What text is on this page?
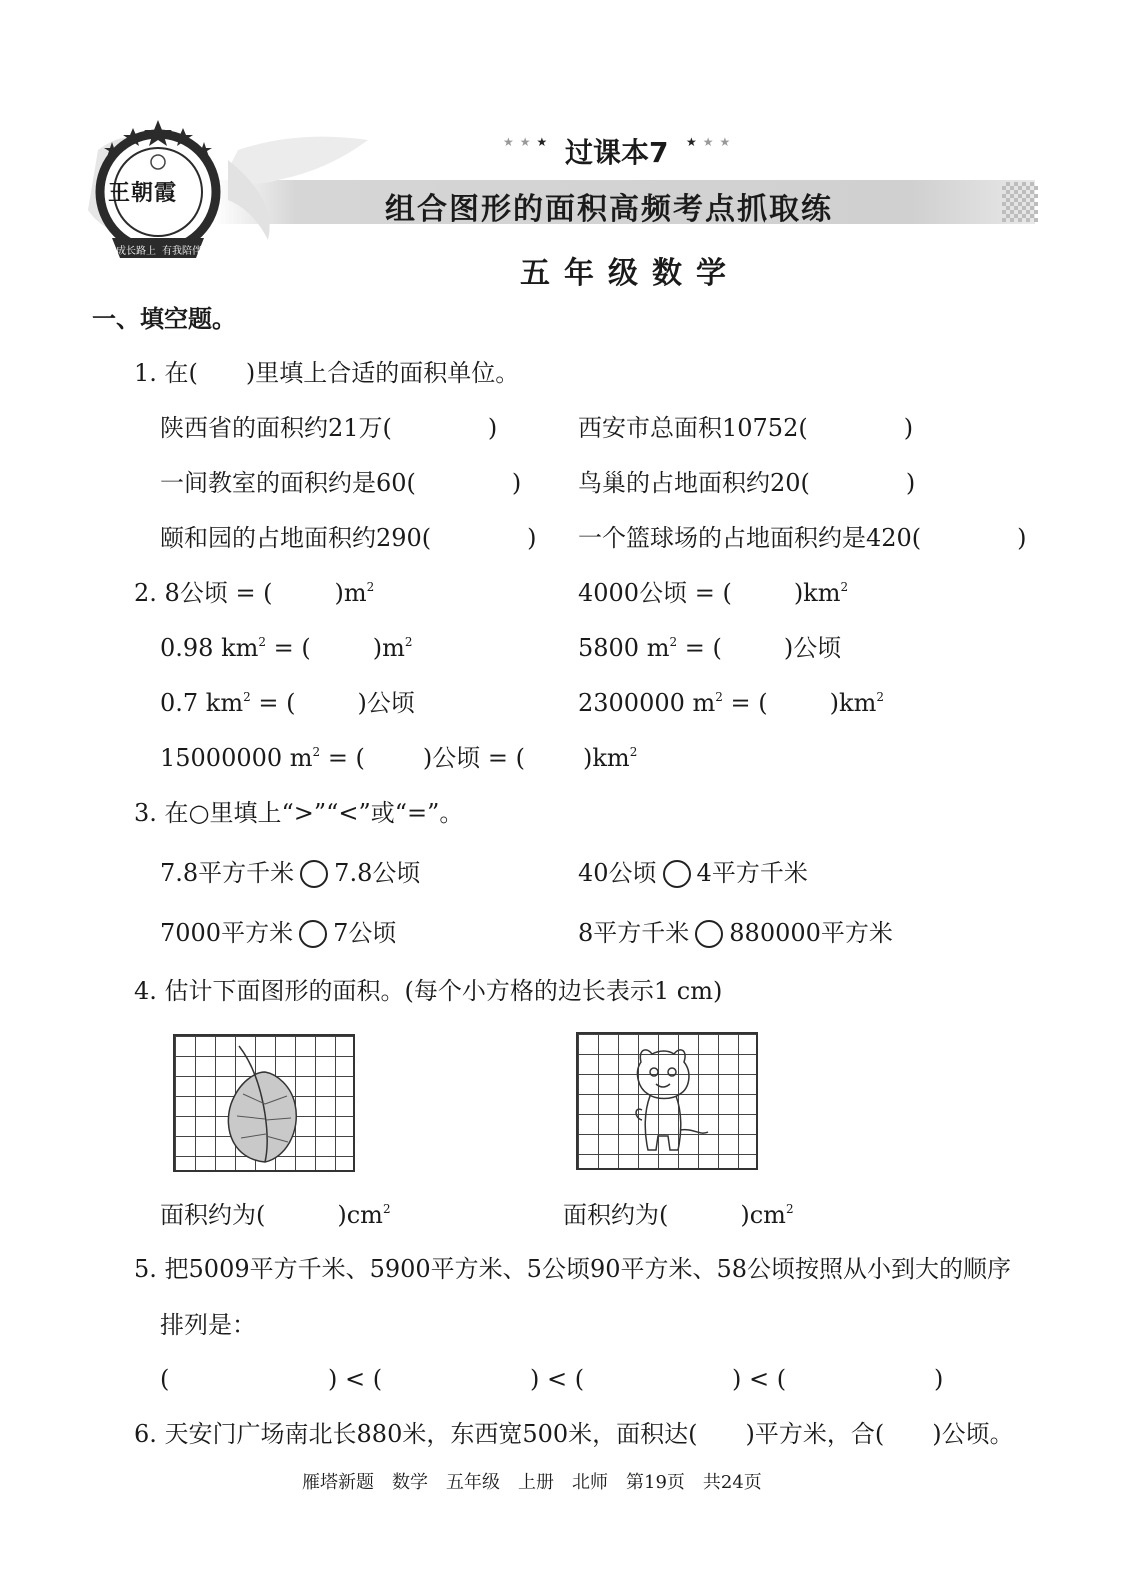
王朝霞
成长路上 有我陪伴
★★★ 过课本7 ★★★
组合图形的面积高频考点抓取练
五年级数学
一、填空题。
1. 在(　　)里填上合适的面积单位。
陕西省的面积约21万(　　　　)	西安市总面积10752(　　　　)
一间教室的面积约是60(　　　　) 鸟巢的占地面积约20(　　　　)
颐和园的占地面积约290(　　　　) 一个篮球场的占地面积约是420(　　　　)
2. 8公顷 = (	)$m^2$	4000公顷 = (	)$km^2$
0.98 $km^2$ = (	)$m^2$	5800 $m^2$ = (	)公顷
0.7 $km^2$ = (	)公顷	2300000 $m^2$ = (	)$km^2$
15000000 $m^2$ = ( )公顷 = ( )$km^2$
3. 在○里填上“>”“<”或“=”。
7.8平方千米 7.8公顷	40公顷 4平方千米
7000平方米 7公顷	8平方千米 880000平方米
4. 估计下面图形的面积。(每个小方格的边长表示1 cm)
面积约为(　　　)$cm^2$	面积约为(　　　)$cm^2$
5. 把5009平方千米、5900平方米、5公顷90平方米、58公顷按照从小到大的顺序
排列是：
(	) < (	) < (	) < (	)
6. 天安门广场南北长880米，东西宽500米，面积达(　　)平方米，合(　　)公顷。
雁塔新题　数学　五年级　上册　北师　第19页　共24页
